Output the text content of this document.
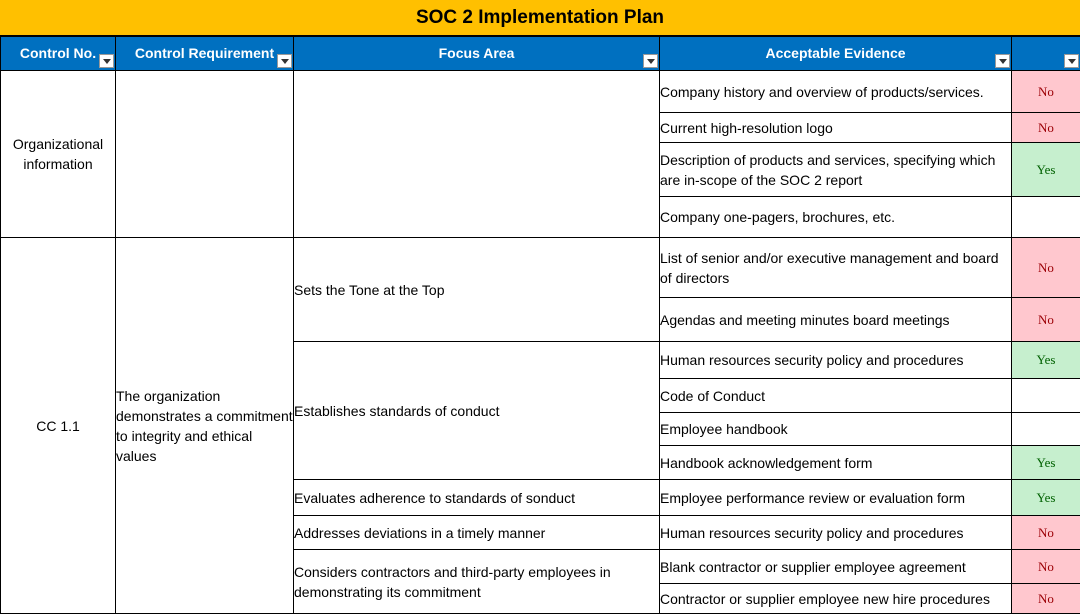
SOC 2 Implementation Plan
Control No.	Control Requirement	Focus Area	Acceptable Evidence

Organizational information			Company history and overview of products/services.	No
			Current high-resolution logo	No
			Description of products and services, specifying which are in-scope of the SOC 2 report	Yes
			Company one-pagers, brochures, etc.	
CC 1.1	The organization demonstrates a commitment to integrity and ethical values	Sets the Tone at the Top	List of senior and/or executive management and board of directors	No
			Agendas and meeting minutes board meetings	No
		Establishes standards of conduct	Human resources security policy and procedures	Yes
			Code of Conduct	
			Employee handbook	
			Handbook acknowledgement form	Yes
		Evaluates adherence to standards of sonduct	Employee performance review or evaluation form	Yes
		Addresses deviations in a timely manner	Human resources security policy and procedures	No
		Considers contractors and third-party employees in demonstrating its commitment	Blank contractor or supplier employee agreement	No
			Contractor or supplier employee new hire procedures	No
